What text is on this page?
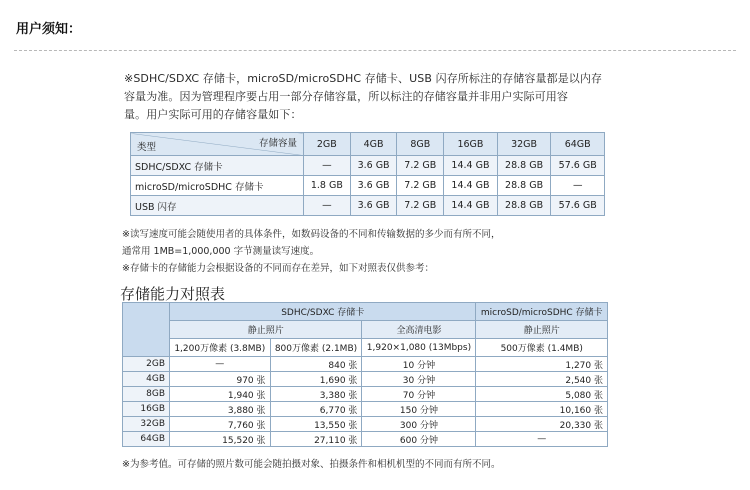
用户须知：
※SDHC/SDXC 存储卡，microSD/microSDHC 存储卡、USB 闪存所标注的存储容量都是以内存
容量为准。因为管理程序要占用一部分存储容量，所以标注的存储容量并非用户实际可用容
量。用户实际可用的存储容量如下：
存储容量
类型	2GB	4GB	8GB	16GB	32GB	64GB
SDHC/SDXC 存储卡	—	3.6 GB	7.2 GB	14.4 GB	28.8 GB	57.6 GB
microSD/microSDHC 存储卡	1.8 GB	3.6 GB	7.2 GB	14.4 GB	28.8 GB	—
USB 闪存	—	3.6 GB	7.2 GB	14.4 GB	28.8 GB	57.6 GB
※读写速度可能会随使用者的具体条件，如数码设备的不同和传输数据的多少而有所不同，
通常用 1MB=1,000,000 字节测量读写速度。
※存储卡的存储能力会根据设备的不同而存在差异，如下对照表仅供参考：
存储能力对照表
	SDHC/SDXC 存储卡			microSD/microSDHC 存储卡
	静止照片		全高清电影	静止照片
	1,200万像素 (3.8MB)	800万像素 (2.1MB)	1,920×1,080 (13Mbps)	500万像素 (1.4MB)
2GB	—	840 张	10 分钟	1,270 张
4GB	970 张	1,690 张	30 分钟	2,540 张
8GB	1,940 张	3,380 张	70 分钟	5,080 张
16GB	3,880 张	6,770 张	150 分钟	10,160 张
32GB	7,760 张	13,550 张	300 分钟	20,330 张
64GB	15,520 张	27,110 张	600 分钟	—
※为参考值。可存储的照片数可能会随拍摄对象、拍摄条件和相机机型的不同而有所不同。
